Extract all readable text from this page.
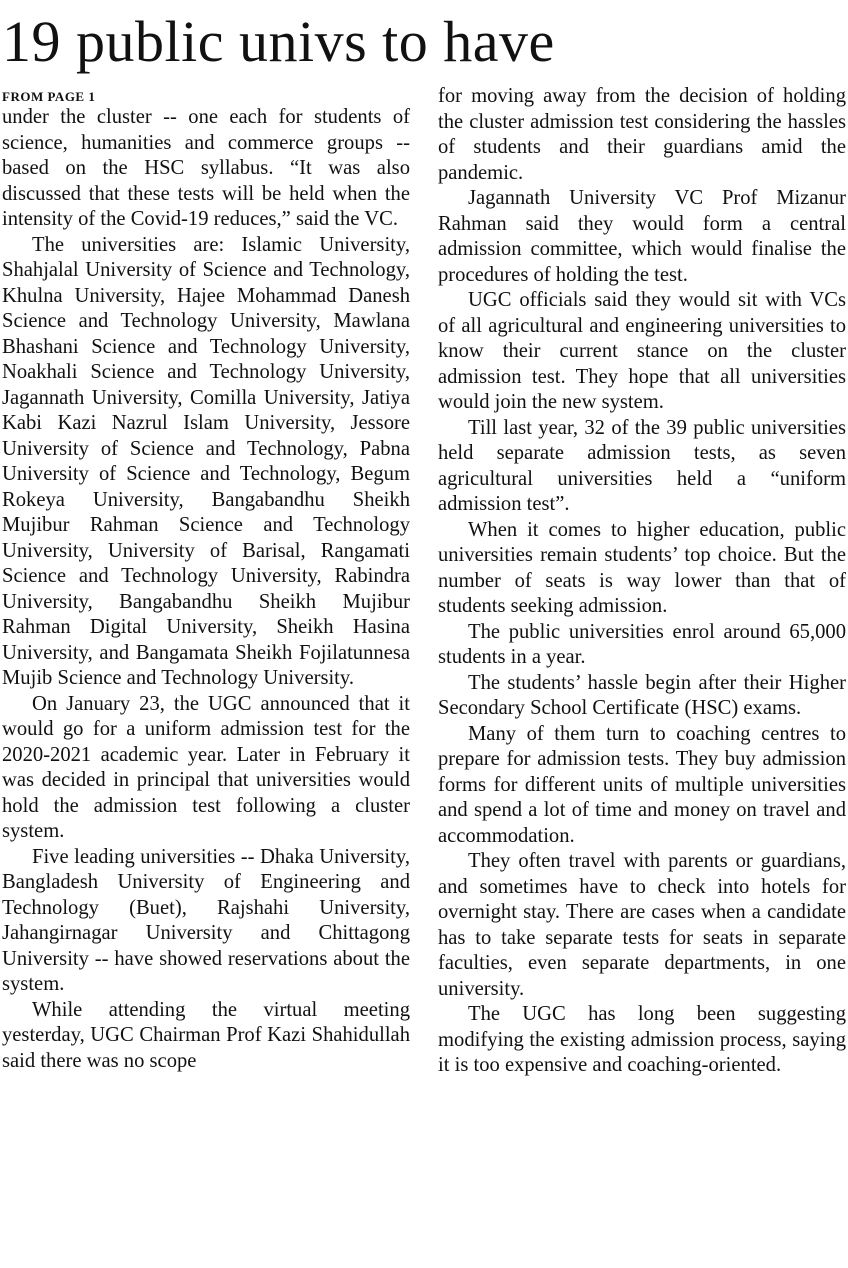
19 public univs to have

FROM PAGE 1

under the cluster -- one each for students of science, humanities and commerce groups -- based on the HSC syllabus. “It was also discussed that these tests will be held when the intensity of the Covid-19 reduces,” said the VC.

The universities are: Islamic University, Shahjalal University of Science and Technology, Khulna University, Hajee Mohammad Danesh Science and Technology University, Mawlana Bhashani Science and Technology University, Noakhali Science and Technology University, Jagannath University, Comilla University, Jatiya Kabi Kazi Nazrul Islam University, Jessore University of Science and Technology, Pabna University of Science and Technology, Begum Rokeya University, Bangabandhu Sheikh Mujibur Rahman Science and Technology University, University of Barisal, Rangamati Science and Technology University, Rabindra University, Bangabandhu Sheikh Mujibur Rahman Digital University, Sheikh Hasina University, and Bangamata Sheikh Fojilatunnesa Mujib Science and Technology University.

On January 23, the UGC announced that it would go for a uniform admission test for the 2020-2021 academic year. Later in February it was decided in principal that universities would hold the admission test following a cluster system.

Five leading universities -- Dhaka University, Bangladesh University of Engineering and Technology (Buet), Rajshahi University, Jahangirnagar University and Chittagong University -- have showed reservations about the system.

While attending the virtual meeting yesterday, UGC Chairman Prof Kazi Shahidullah said there was no scope

for moving away from the decision of holding the cluster admission test considering the hassles of students and their guardians amid the pandemic.

Jagannath University VC Prof Mizanur Rahman said they would form a central admission committee, which would finalise the procedures of holding the test.

UGC officials said they would sit with VCs of all agricultural and engineering universities to know their current stance on the cluster admission test. They hope that all universities would join the new system.

Till last year, 32 of the 39 public universities held separate admission tests, as seven agricultural universities held a “uniform admission test”.

When it comes to higher education, public universities remain students’ top choice. But the number of seats is way lower than that of students seeking admission.

The public universities enrol around 65,000 students in a year.

The students’ hassle begin after their Higher Secondary School Certificate (HSC) exams.

Many of them turn to coaching centres to prepare for admission tests. They buy admission forms for different units of multiple universities and spend a lot of time and money on travel and accommodation.

They often travel with parents or guardians, and sometimes have to check into hotels for overnight stay. There are cases when a candidate has to take separate tests for seats in separate faculties, even separate departments, in one university.

The UGC has long been suggesting modifying the existing admission process, saying it is too expensive and coaching-oriented.
